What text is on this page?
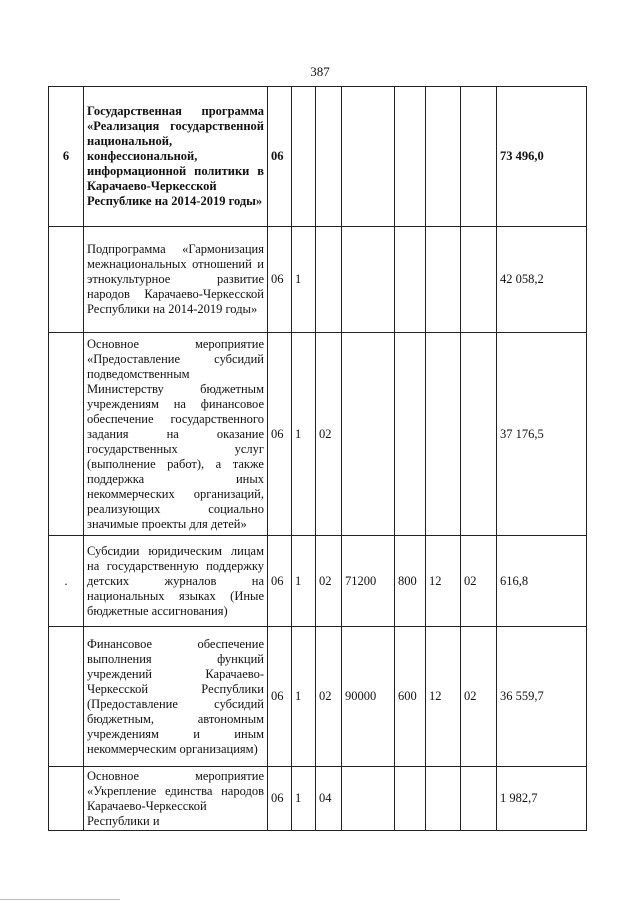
387
6	Государственная программа «Реализация государственной национальной, конфессиональной, информационной политики в Карачаево-Черкесской Республике на 2014-2019 годы»	06							73 496,0
	Подпрограмма «Гармонизация межнациональных отношений и этнокультурное развитие народов Карачаево-Черкесской Республики на 2014-2019 годы»	06	1						42 058,2
	Основное мероприятие «Предоставление субсидий подведомственным Министерству бюджетным учреждениям на финансовое обеспечение государственного задания на оказание государственных услуг (выполнение работ), а также поддержка иных некоммерческих организаций, реализующих социально значимые проекты для детей»	06	1	02					37 176,5
.	Субсидии юридическим лицам на государственную поддержку детских журналов на национальных языках (Иные бюджетные ассигнования)	06	1	02	71200	800	12	02	616,8
	Финансовое обеспечение выполнения функций учреждений Карачаево-Черкесской Республики (Предоставление субсидий бюджетным, автономным учреждениям и иным некоммерческим организациям)	06	1	02	90000	600	12	02	36 559,7
	Основное мероприятие «Укрепление единства народов Карачаево-Черкесской Республики и	06	1	04					1 982,7
